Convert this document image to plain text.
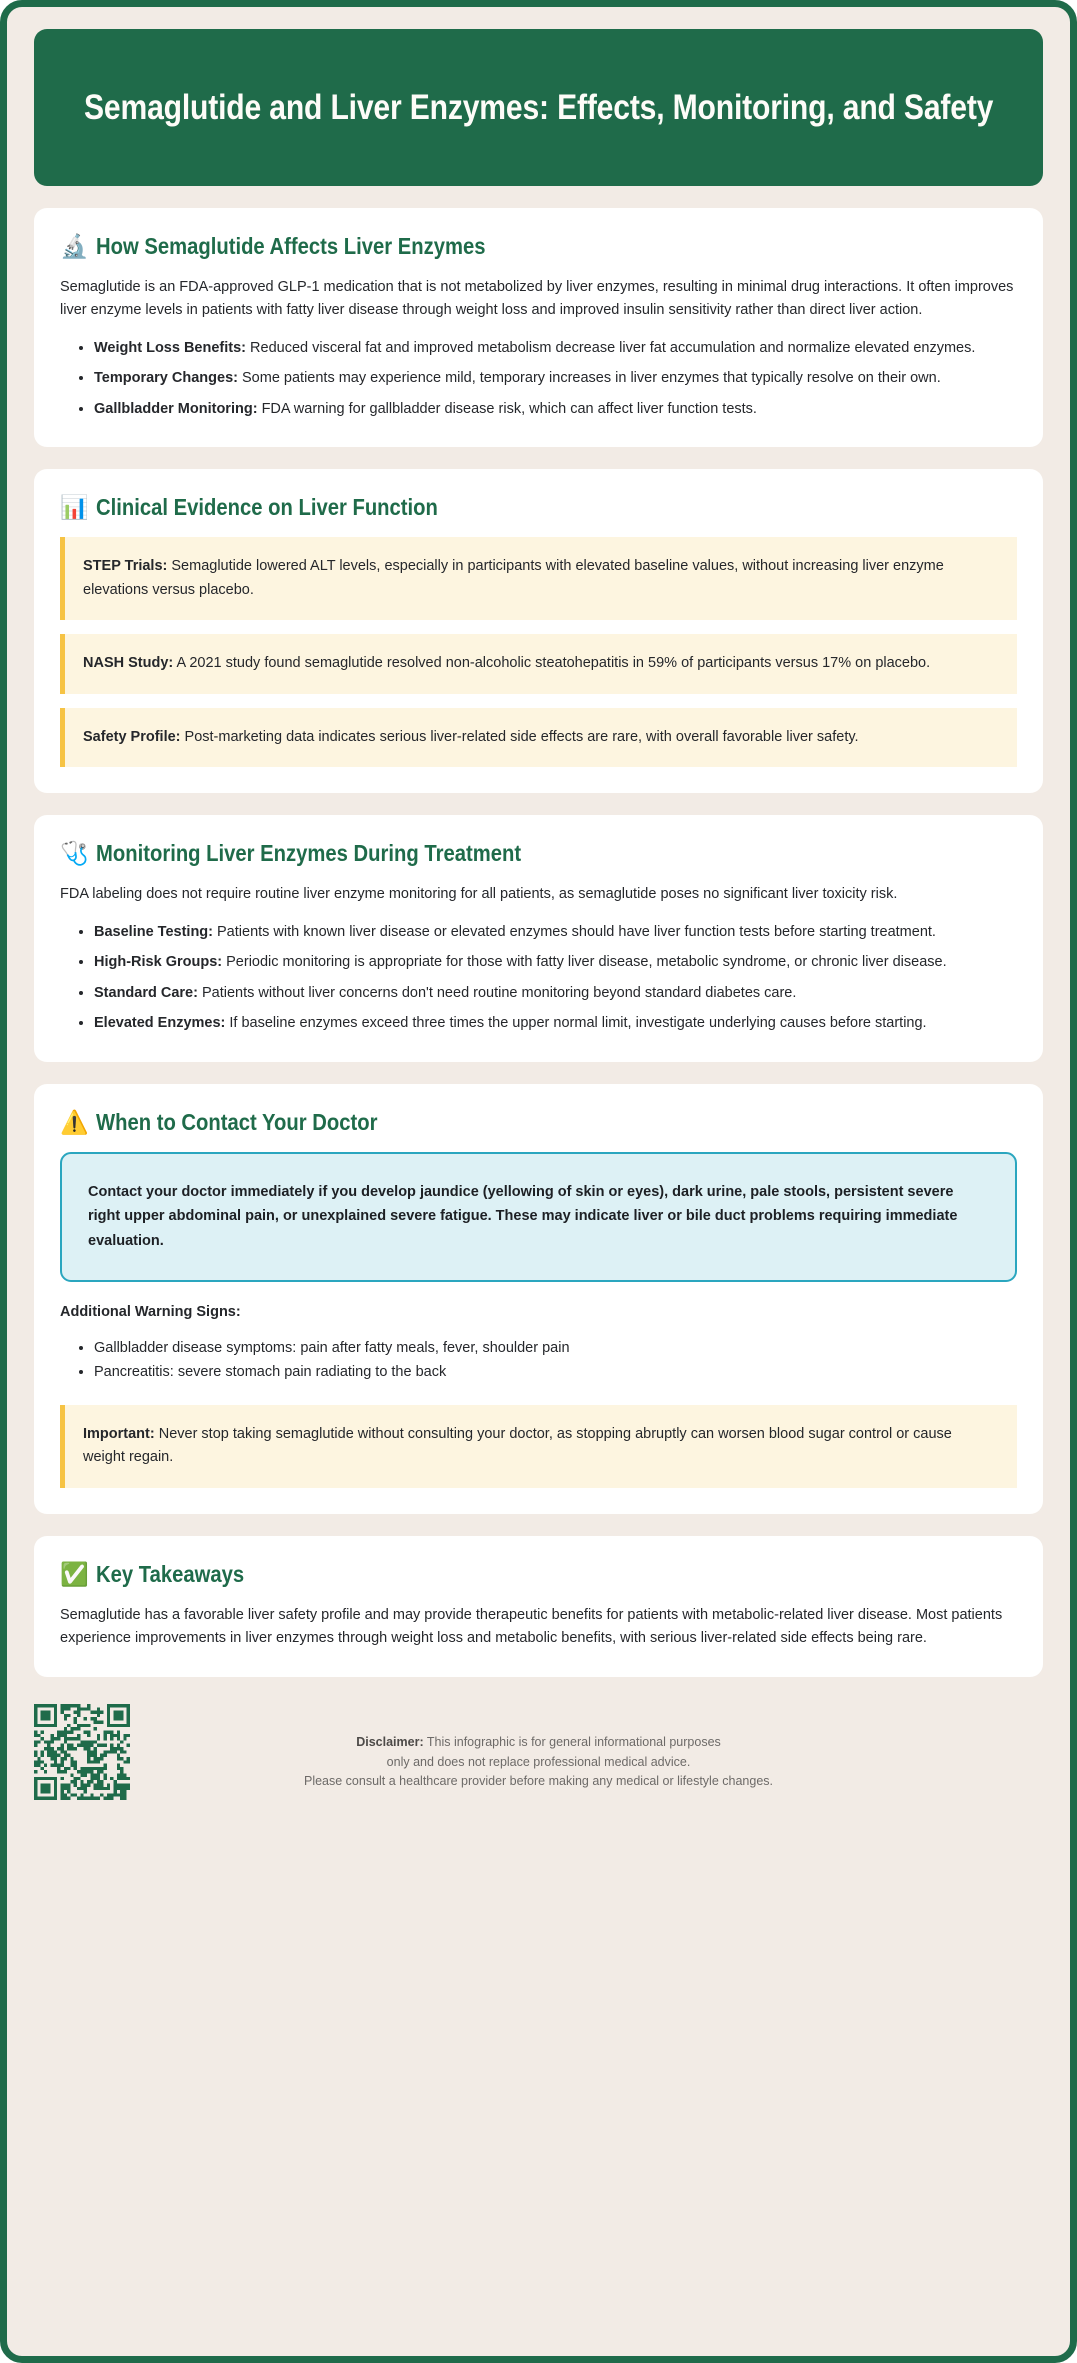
Semaglutide and Liver Enzymes: Effects, Monitoring, and Safety
🔬 How Semaglutide Affects Liver Enzymes

Semaglutide is an FDA-approved GLP-1 medication that is not metabolized by liver enzymes, resulting in minimal drug interactions. It often improves liver enzyme levels in patients with fatty liver disease through weight loss and improved insulin sensitivity rather than direct liver action.

• Weight Loss Benefits: Reduced visceral fat and improved metabolism decrease liver fat accumulation and normalize elevated enzymes.
• Temporary Changes: Some patients may experience mild, temporary increases in liver enzymes that typically resolve on their own.
• Gallbladder Monitoring: FDA warning for gallbladder disease risk, which can affect liver function tests.
📊 Clinical Evidence on Liver Function
STEP Trials: Semaglutide lowered ALT levels, especially in participants with elevated baseline values, without increasing liver enzyme elevations versus placebo.
NASH Study: A 2021 study found semaglutide resolved non-alcoholic steatohepatitis in 59% of participants versus 17% on placebo.
Safety Profile: Post-marketing data indicates serious liver-related side effects are rare, with overall favorable liver safety.
🩺 Monitoring Liver Enzymes During Treatment

FDA labeling does not require routine liver enzyme monitoring for all patients, as semaglutide poses no significant liver toxicity risk.

• Baseline Testing: Patients with known liver disease or elevated enzymes should have liver function tests before starting treatment.
• High-Risk Groups: Periodic monitoring is appropriate for those with fatty liver disease, metabolic syndrome, or chronic liver disease.
• Standard Care: Patients without liver concerns don't need routine monitoring beyond standard diabetes care.
• Elevated Enzymes: If baseline enzymes exceed three times the upper normal limit, investigate underlying causes before starting.
⚠️ When to Contact Your Doctor
Contact your doctor immediately if you develop jaundice (yellowing of skin or eyes), dark urine, pale stools, persistent severe right upper abdominal pain, or unexplained severe fatigue. These may indicate liver or bile duct problems requiring immediate evaluation.

Additional Warning Signs:

• Gallbladder disease symptoms: pain after fatty meals, fever, shoulder pain
• Pancreatitis: severe stomach pain radiating to the back
Important: Never stop taking semaglutide without consulting your doctor, as stopping abruptly can worsen blood sugar control or cause weight regain.
✅ Key Takeaways

Semaglutide has a favorable liver safety profile and may provide therapeutic benefits for patients with metabolic-related liver disease. Most patients experience improvements in liver enzymes through weight loss and metabolic benefits, with serious liver-related side effects being rare.

Disclaimer: This infographic is for general informational purposes
only and does not replace professional medical advice.
Please consult a healthcare provider before making any medical or lifestyle changes.
